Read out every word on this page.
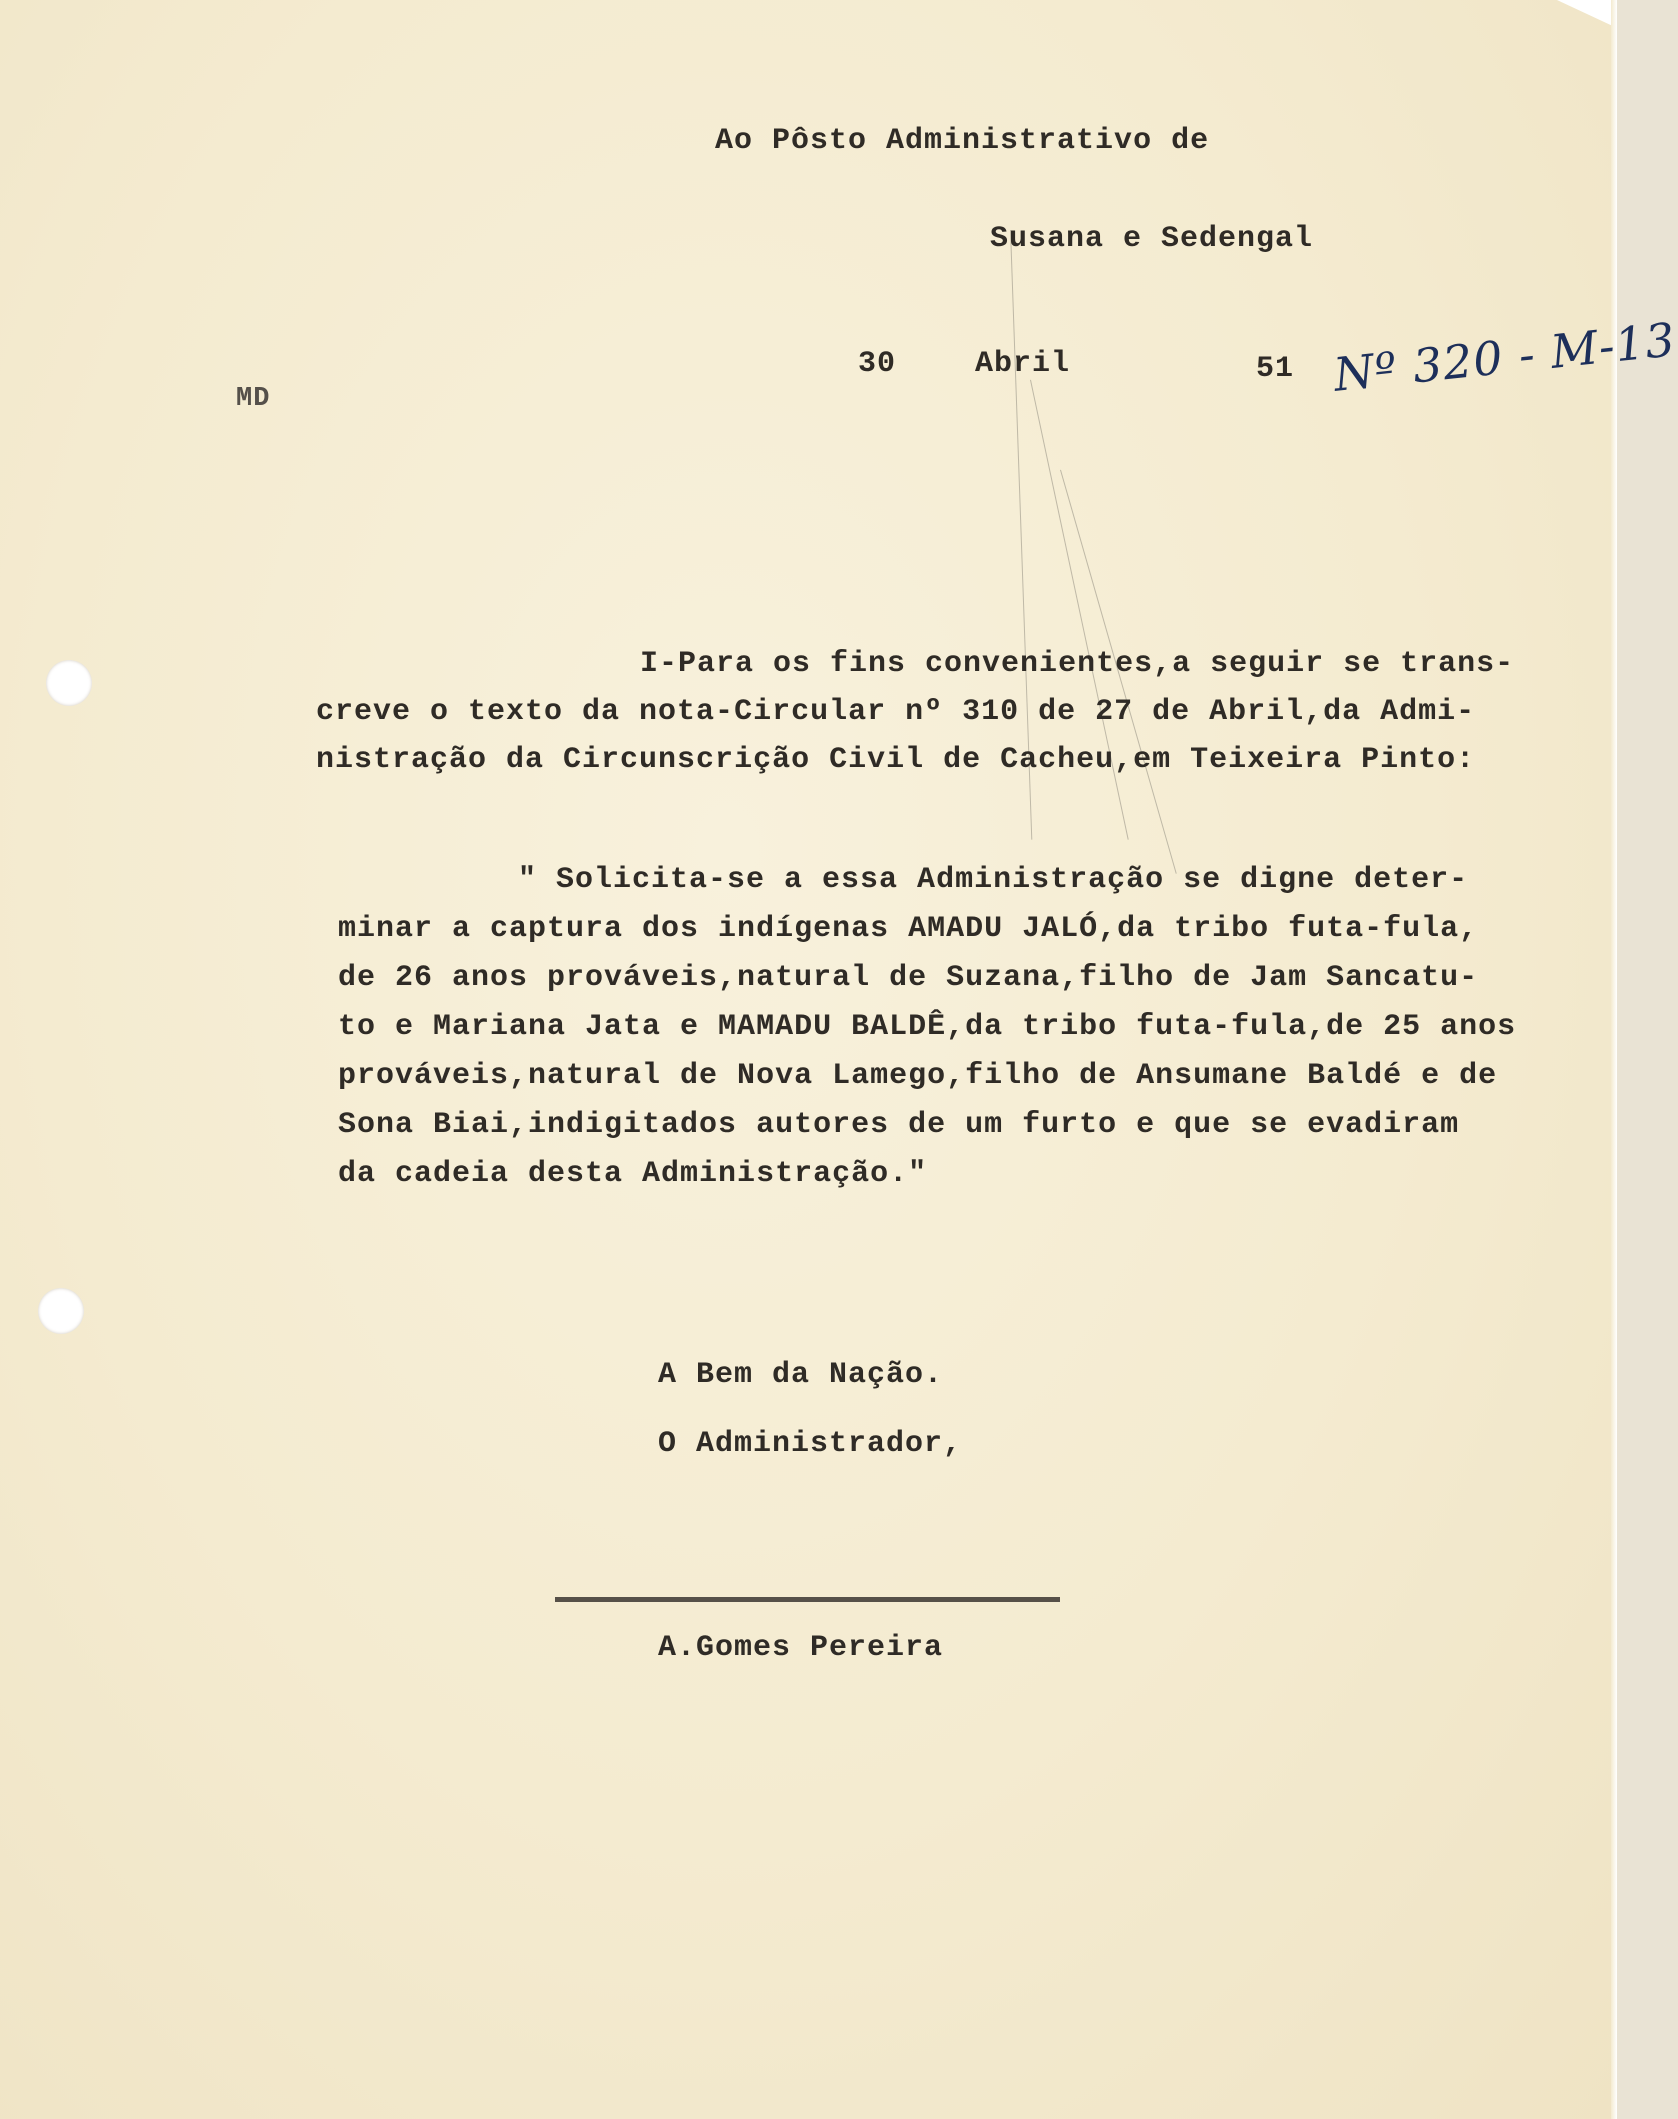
Ao Pôsto Administrativo de
Susana e Sedengal
30	Abril	51 Nº 320 - M-13
MD
I-Para os fins convenientes,a seguir se trans-
creve o texto da nota-Circular nº 310 de 27 de Abril,da Admi-
nistração da Circunscrição Civil de Cacheu,em Teixeira Pinto:
" Solicita-se a essa Administração se digne deter-
minar a captura dos indígenas AMADU JALÓ,da tribo futa-fula,
de 26 anos prováveis,natural de Suzana,filho de Jam Sancatu-
to e Mariana Jata e MAMADU BALDÊ,da tribo futa-fula,de 25 anos
prováveis,natural de Nova Lamego,filho de Ansumane Baldé e de
Sona Biai,indigitados autores de um furto e que se evadiram
da cadeia desta Administração."
A Bem da Nação.
O Administrador,
A.Gomes Pereira
